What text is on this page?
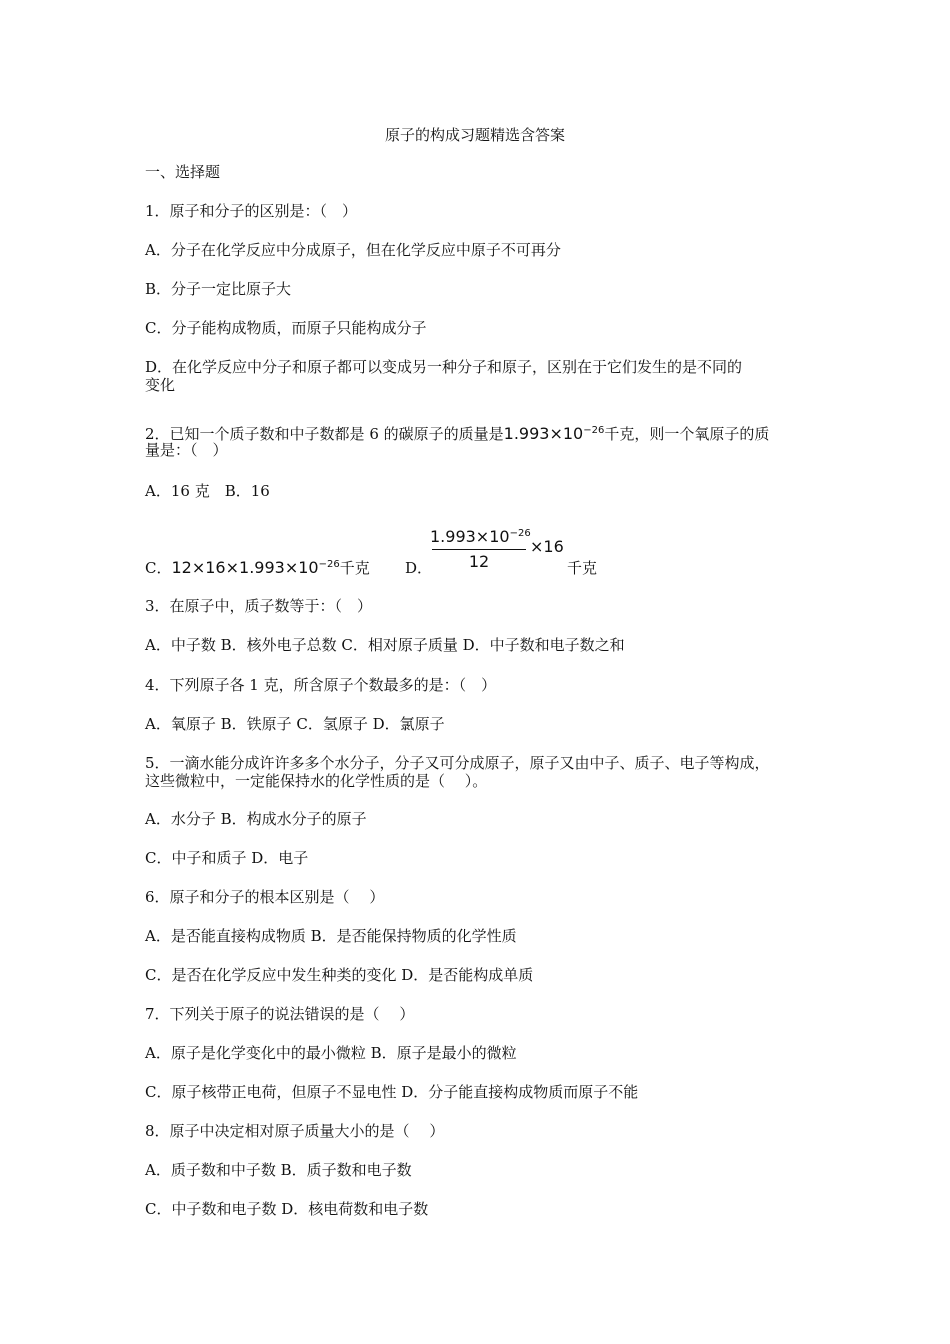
原子的构成习题精选含答案
一、选择题
1．原子和分子的区别是：（　）
A．分子在化学反应中分成原子，但在化学反应中原子不可再分
B．分子一定比原子大
C．分子能构成物质，而原子只能构成分子
D．在化学反应中分子和原子都可以变成另一种分子和原子，区别在于它们发生的是不同的
变化
2．已知一个质子数和中子数都是 6 的碳原子的质量是$1.993\times 10^{-26}$千克，则一个氧原子的质
量是：（　）
A．16 克　B．16
C．$12\times 16\times 1.993\times 10^{-26}$千克 D．
$1.993\times 10^{-26}$
12
×16
千克
3．在原子中，质子数等于：（　）
A．中子数 B．核外电子总数 C．相对原子质量 D．中子数和电子数之和
4．下列原子各 1 克，所含原子个数最多的是：（　）
A．氧原子 B．铁原子 C．氢原子 D．氯原子
5．一滴水能分成许许多多个水分子，分子又可分成原子，原子又由中子、质子、电子等构成，
这些微粒中，一定能保持水的化学性质的是（　 ）。
A．水分子 B．构成水分子的原子
C．中子和质子 D．电子
6．原子和分子的根本区别是（　 ）
A．是否能直接构成物质 B．是否能保持物质的化学性质
C．是否在化学反应中发生种类的变化 D．是否能构成单质
7．下列关于原子的说法错误的是（　 ）
A．原子是化学变化中的最小微粒 B．原子是最小的微粒
C．原子核带正电荷，但原子不显电性 D．分子能直接构成物质而原子不能
8．原子中决定相对原子质量大小的是（　 ）
A．质子数和中子数 B．质子数和电子数
C．中子数和电子数 D．核电荷数和电子数
